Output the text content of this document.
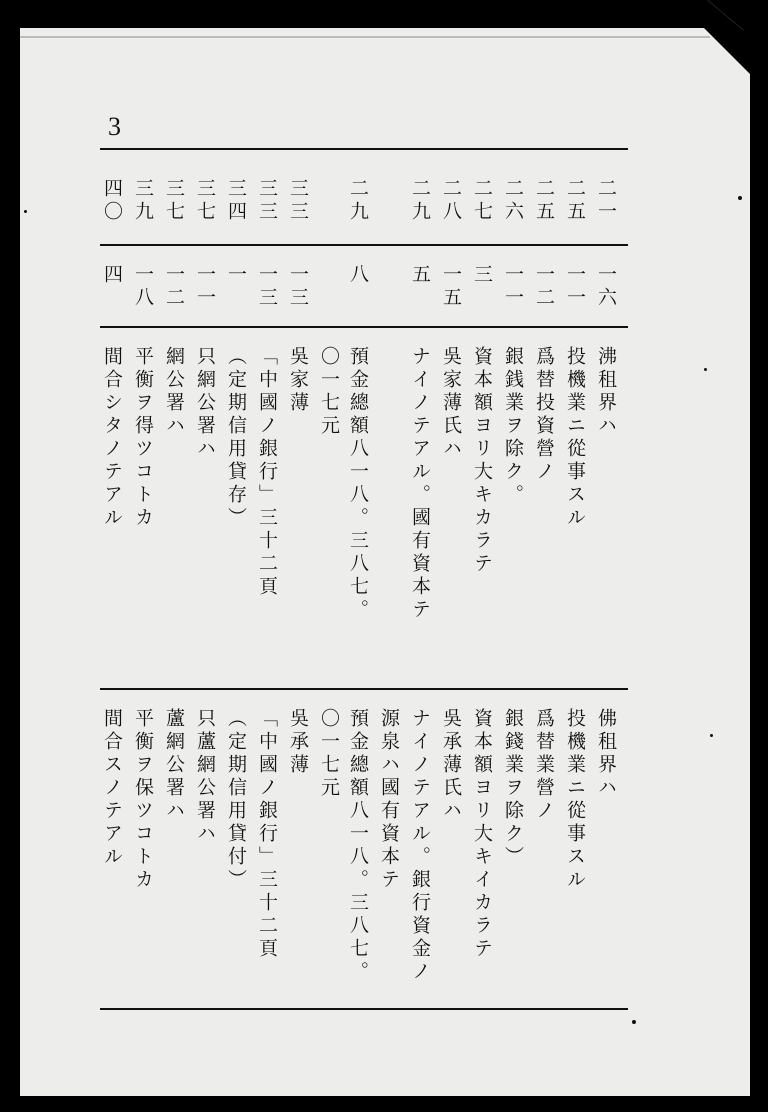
3
二一
一六
沸租界ハ
佛租界ハ
二五
一一
投機業ニ從事スル
投機業ニ從事スル
二五
一二
爲替投資營ノ
爲替業營ノ
二六
一一
銀銭業ヲ除ク。
銀錢業ヲ除ク）
二七
三
資本額ヨリ大キカラテ
資本額ヨリ大キイカラテ
二八
一五
吳家薄氏ハ
吳承薄氏ハ
二九
五
ナイノテアル。國有資本テ
ナイノテアル。銀行資金ノ
源泉ハ國有資本テ
二九
八
預金總額八一八。三八七。
預金總額八一八。三八七。
〇一七元
〇一七元
三三
一三
吳家薄
吳承薄
三三
一三
「中國ノ銀行」三十二頁
「中國ノ銀行」三十二頁
三四
一
（定期信用貸存）
（定期信用貸付）
三七
一一
只網公署ハ
只蘆網公署ハ
三七
一二
網公署ハ
蘆網公署ハ
三九
一八
平衡ヲ得ツコトカ
平衡ヲ保ツコトカ
四〇
四
間合シタノテアル
間合スノテアル
